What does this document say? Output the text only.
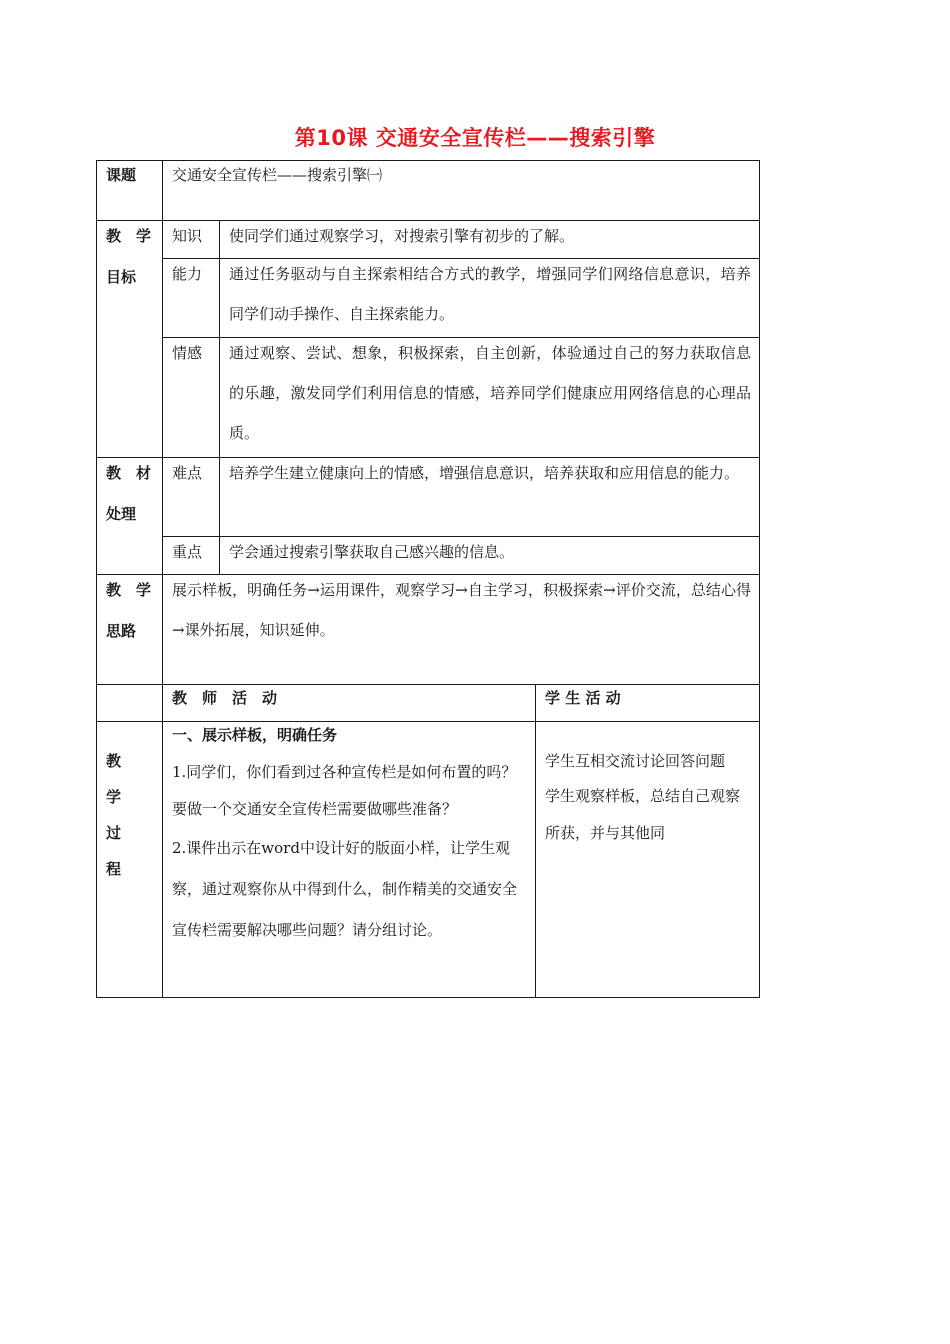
第10课 交通安全宣传栏——搜索引擎
课题 交通安全宣传栏——搜索引擎㈠
教　学
目标
知识 使同学们通过观察学习，对搜索引擎有初步的了解。
能力 通过任务驱动与自主探索相结合方式的教学，增强同学们网络信息意识，培养同学们动手操作、自主探索能力。
情感 通过观察、尝试、想象，积极探索，自主创新，体验通过自己的努力获取信息的乐趣，激发同学们利用信息的情感，培养同学们健康应用网络信息的心理品质。
教　材
处理
难点 培养学生建立健康向上的情感，增强信息意识，培养获取和应用信息的能力。
重点 学会通过搜索引擎获取自己感兴趣的信息。
教　学
思路
展示样板，明确任务→运用课件，观察学习→自主学习，积极探索→评价交流，总结心得→课外拓展，知识延伸。
教　师　活　动	学 生 活 动
教
学
过
程
一、展示样板，明确任务
1.同学们，你们看到过各种宣传栏是如何布置的吗？要做一个交通安全宣传栏需要做哪些准备？
2.课件出示在word中设计好的版面小样，让学生观察，通过观察你从中得到什么，制作精美的交通安全宣传栏需要解决哪些问题？请分组讨论。
学生互相交流讨论回答问题
学生观察样板，总结自己观察所获，并与其他同
